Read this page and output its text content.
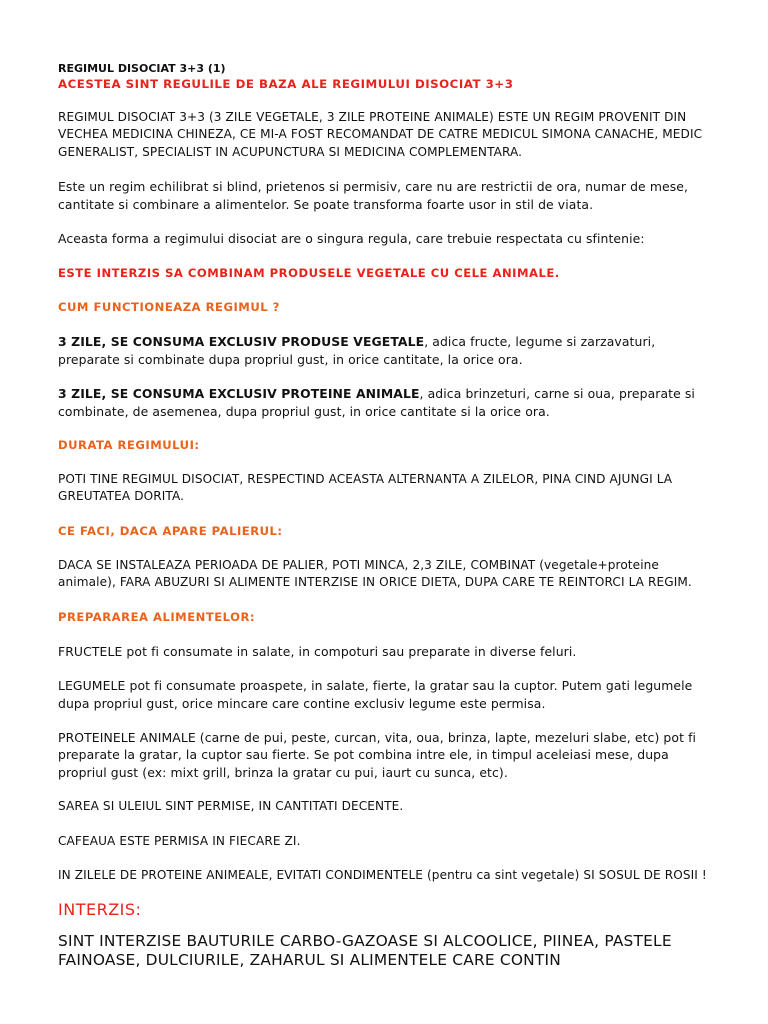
REGIMUL DISOCIAT 3+3 (1)

ACESTEA SINT REGULILE DE BAZA ALE REGIMULUI DISOCIAT 3+3

REGIMUL DISOCIAT 3+3 (3 ZILE VEGETALE, 3 ZILE PROTEINE ANIMALE) ESTE UN REGIM PROVENIT DIN VECHEA MEDICINA CHINEZA, CE MI-A FOST RECOMANDAT DE CATRE MEDICUL SIMONA CANACHE, MEDIC GENERALIST, SPECIALIST IN ACUPUNCTURA SI MEDICINA COMPLEMENTARA.

Este un regim echilibrat si blind, prietenos si permisiv, care nu are restrictii de ora, numar de mese, cantitate si combinare a alimentelor. Se poate transforma foarte usor in stil de viata.

Aceasta forma a regimului disociat are o singura regula, care trebuie respectata cu sfintenie:

ESTE INTERZIS SA COMBINAM PRODUSELE VEGETALE CU CELE ANIMALE.

CUM FUNCTIONEAZA REGIMUL ?

3 ZILE, SE CONSUMA EXCLUSIV PRODUSE VEGETALE, adica fructe, legume si zarzavaturi, preparate si combinate dupa propriul gust, in orice cantitate, la orice ora.

3 ZILE, SE CONSUMA EXCLUSIV PROTEINE ANIMALE, adica brinzeturi, carne si oua, preparate si combinate, de asemenea, dupa propriul gust, in orice cantitate si la orice ora.

DURATA REGIMULUI:

POTI TINE REGIMUL DISOCIAT, RESPECTIND ACEASTA ALTERNANTA A ZILELOR, PINA CIND AJUNGI LA GREUTATEA DORITA.

CE FACI, DACA APARE PALIERUL:

DACA SE INSTALEAZA PERIOADA DE PALIER, POTI MINCA, 2,3 ZILE, COMBINAT (vegetale+proteine animale), FARA ABUZURI SI ALIMENTE INTERZISE IN ORICE DIETA, DUPA CARE TE REINTORCI LA REGIM.

PREPARAREA ALIMENTELOR:

FRUCTELE pot fi consumate in salate, in compoturi sau preparate in diverse feluri.

LEGUMELE pot fi consumate proaspete, in salate, fierte, la gratar sau la cuptor. Putem gati legumele dupa propriul gust, orice mincare care contine exclusiv legume este permisa.

PROTEINELE ANIMALE (carne de pui, peste, curcan, vita, oua, brinza, lapte, mezeluri slabe, etc) pot fi preparate la gratar, la cuptor sau fierte. Se pot combina intre ele, in timpul aceleiasi mese, dupa propriul gust (ex: mixt grill, brinza la gratar cu pui, iaurt cu sunca, etc).

SAREA SI ULEIUL SINT PERMISE, IN CANTITATI DECENTE.

CAFEAUA ESTE PERMISA IN FIECARE ZI.

IN ZILELE DE PROTEINE ANIMEALE, EVITATI CONDIMENTELE (pentru ca sint vegetale) SI SOSUL DE ROSII !

INTERZIS:

SINT INTERZISE BAUTURILE CARBO-GAZOASE SI ALCOOLICE, PIINEA, PASTELE FAINOASE, DULCIURILE, ZAHARUL SI ALIMENTELE CARE CONTIN
